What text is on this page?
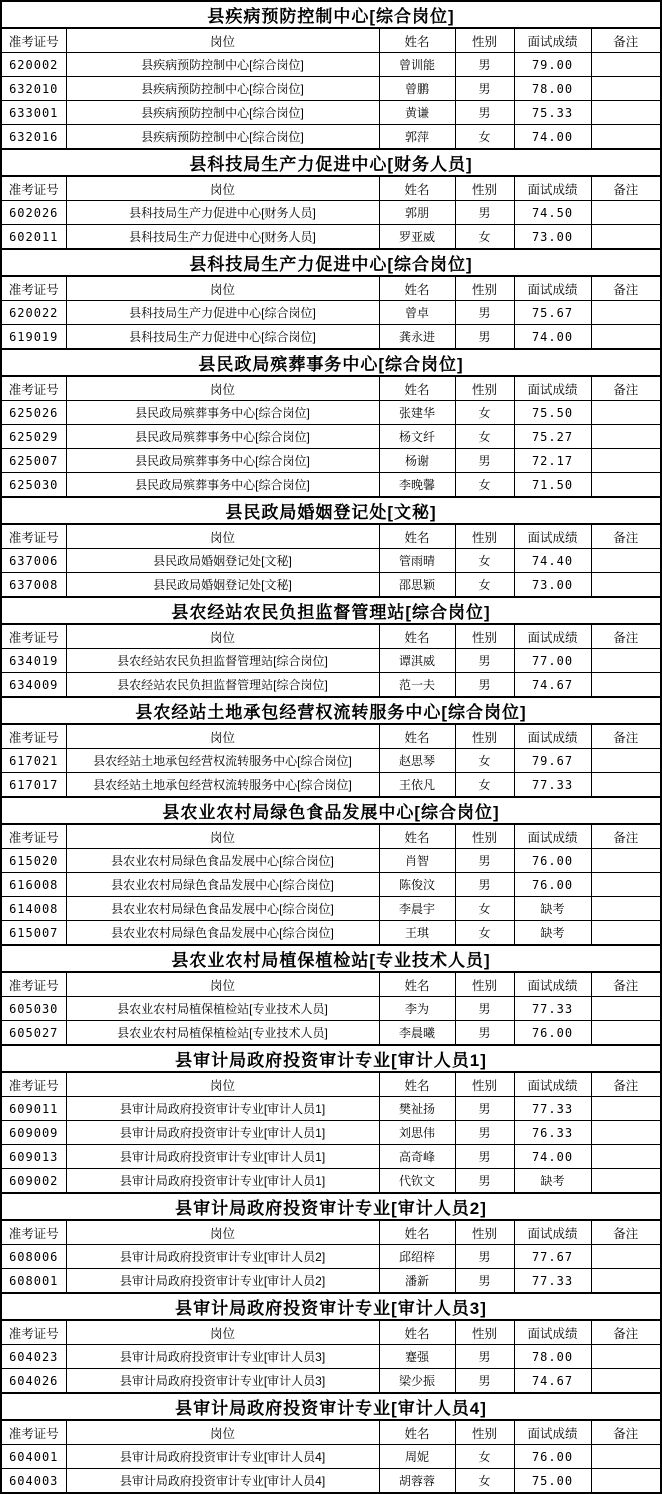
县疾病预防控制中心[综合岗位]					
准考证号	岗位	姓名	性别	面试成绩	备注
620002	县疾病预防控制中心[综合岗位]	曾训能	男	79.00	
632010	县疾病预防控制中心[综合岗位]	曾鹏	男	78.00	
633001	县疾病预防控制中心[综合岗位]	黄谦	男	75.33	
632016	县疾病预防控制中心[综合岗位]	郭萍	女	74.00	
县科技局生产力促进中心[财务人员]					
准考证号	岗位	姓名	性别	面试成绩	备注
602026	县科技局生产力促进中心[财务人员]	郭朋	男	74.50	
602011	县科技局生产力促进中心[财务人员]	罗亚威	女	73.00	
县科技局生产力促进中心[综合岗位]					
准考证号	岗位	姓名	性别	面试成绩	备注
620022	县科技局生产力促进中心[综合岗位]	曾卓	男	75.67	
619019	县科技局生产力促进中心[综合岗位]	龚永进	男	74.00	
县民政局殡葬事务中心[综合岗位]					
准考证号	岗位	姓名	性别	面试成绩	备注
625026	县民政局殡葬事务中心[综合岗位]	张建华	女	75.50	
625029	县民政局殡葬事务中心[综合岗位]	杨文纤	女	75.27	
625007	县民政局殡葬事务中心[综合岗位]	杨谢	男	72.17	
625030	县民政局殡葬事务中心[综合岗位]	李晚馨	女	71.50	
县民政局婚姻登记处[文秘]					
准考证号	岗位	姓名	性别	面试成绩	备注
637006	县民政局婚姻登记处[文秘]	管雨晴	女	74.40	
637008	县民政局婚姻登记处[文秘]	邵思颖	女	73.00	
县农经站农民负担监督管理站[综合岗位]					
准考证号	岗位	姓名	性别	面试成绩	备注
634019	县农经站农民负担监督管理站[综合岗位]	谭淇威	男	77.00	
634009	县农经站农民负担监督管理站[综合岗位]	范一夫	男	74.67	
县农经站土地承包经营权流转服务中心[综合岗位]					
准考证号	岗位	姓名	性别	面试成绩	备注
617021	县农经站土地承包经营权流转服务中心[综合岗位]	赵思琴	女	79.67	
617017	县农经站土地承包经营权流转服务中心[综合岗位]	王依凡	女	77.33	
县农业农村局绿色食品发展中心[综合岗位]					
准考证号	岗位	姓名	性别	面试成绩	备注
615020	县农业农村局绿色食品发展中心[综合岗位]	肖智	男	76.00	
616008	县农业农村局绿色食品发展中心[综合岗位]	陈俊汶	男	76.00	
614008	县农业农村局绿色食品发展中心[综合岗位]	李晨宇	女	缺考	
615007	县农业农村局绿色食品发展中心[综合岗位]	王琪	女	缺考	
县农业农村局植保植检站[专业技术人员]					
准考证号	岗位	姓名	性别	面试成绩	备注
605030	县农业农村局植保植检站[专业技术人员]	李为	男	77.33	
605027	县农业农村局植保植检站[专业技术人员]	李晨曦	男	76.00	
县审计局政府投资审计专业[审计人员1]					
准考证号	岗位	姓名	性别	面试成绩	备注
609011	县审计局政府投资审计专业[审计人员1]	樊祉扬	男	77.33	
609009	县审计局政府投资审计专业[审计人员1]	刘思伟	男	76.33	
609013	县审计局政府投资审计专业[审计人员1]	高奇峰	男	74.00	
609002	县审计局政府投资审计专业[审计人员1]	代钦文	男	缺考	
县审计局政府投资审计专业[审计人员2]					
准考证号	岗位	姓名	性别	面试成绩	备注
608006	县审计局政府投资审计专业[审计人员2]	邱绍梓	男	77.67	
608001	县审计局政府投资审计专业[审计人员2]	潘新	男	77.33	
县审计局政府投资审计专业[审计人员3]					
准考证号	岗位	姓名	性别	面试成绩	备注
604023	县审计局政府投资审计专业[审计人员3]	蹇强	男	78.00	
604026	县审计局政府投资审计专业[审计人员3]	梁少振	男	74.67	
县审计局政府投资审计专业[审计人员4]					
准考证号	岗位	姓名	性别	面试成绩	备注
604001	县审计局政府投资审计专业[审计人员4]	周妮	女	76.00	
604003	县审计局政府投资审计专业[审计人员4]	胡蓉蓉	女	75.00	
